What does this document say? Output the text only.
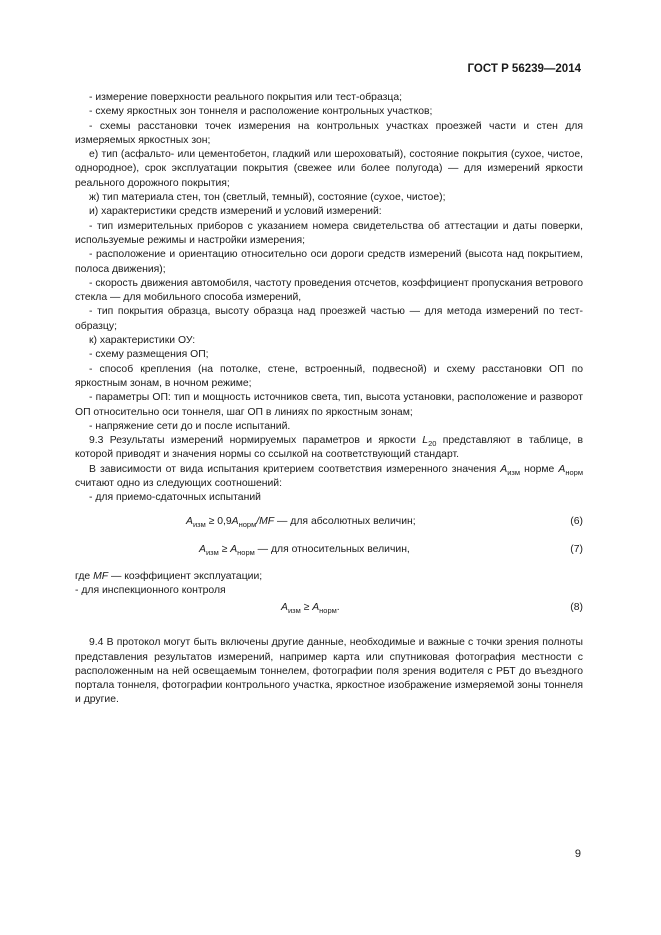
ГОСТ Р 56239—2014

- измерение поверхности реального покрытия или тест-образца;

- схему яркостных зон тоннеля и расположение контрольных участков;

- схемы расстановки точек измерения на контрольных участках проезжей части и стен для измеряемых яркостных зон;

е) тип (асфальто- или цементобетон, гладкий или шероховатый), состояние покрытия (сухое, чистое, однородное), срок эксплуатации покрытия (свежее или более полугода) — для измерений яркости реального дорожного покрытия;

ж) тип материала стен, тон (светлый, темный), состояние (сухое, чистое);

и) характеристики средств измерений и условий измерений:

- тип измерительных приборов с указанием номера свидетельства об аттестации и даты поверки, используемые режимы и настройки измерения;

- расположение и ориентацию относительно оси дороги средств измерений (высота над покрытием, полоса движения);

- скорость движения автомобиля, частоту проведения отсчетов, коэффициент пропускания ветрового стекла — для мобильного способа измерений,

- тип покрытия образца, высоту образца над проезжей частью — для метода измерений по тест-образцу;

к) характеристики ОУ:

- схему размещения ОП;

- способ крепления (на потолке, стене, встроенный, подвесной) и схему расстановки ОП по яркостным зонам, в ночном режиме;

- параметры ОП: тип и мощность источников света, тип, высота установки, расположение и разворот ОП относительно оси тоннеля, шаг ОП в линиях по яркостным зонам;

- напряжение сети до и после испытаний.

9.3 Результаты измерений нормируемых параметров и яркости $L_{20}$ представляют в таблице, в которой приводят и значения нормы со ссылкой на соответствующий стандарт.

В зависимости от вида испытания критерием соответствия измеренного значения $A_{изм}$ норме $A_{норм}$ считают одно из следующих соотношений:

- для приемо-сдаточных испытаний

$A_{изм} \ge 0,9A_{норм}/MF$ — для абсолютных величин;	(6)
$A_{изм} \ge A_{норм}$ — для относительных величин,	(7)

где MF — коэффициент эксплуатации;

- для инспекционного контроля

$A_{изм} \ge A_{норм}$.	(8)

9.4 В протокол могут быть включены другие данные, необходимые и важные с точки зрения полноты представления результатов измерений, например карта или спутниковая фотография местности с расположенным на ней освещаемым тоннелем, фотографии поля зрения водителя с РБТ до въездного портала тоннеля, фотографии контрольного участка, яркостное изображение измеряемой зоны тоннеля и другие.

9
